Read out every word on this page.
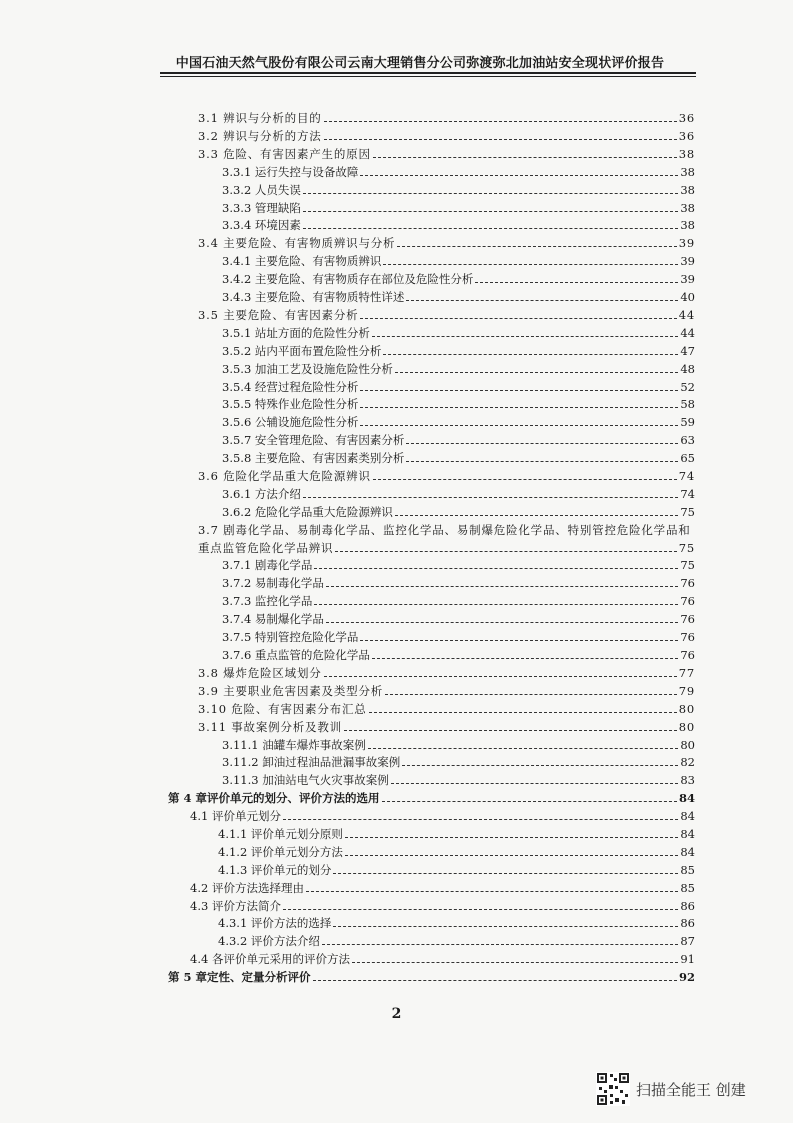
中国石油天然气股份有限公司云南大理销售分公司弥渡弥北加油站安全现状评价报告
3.1 辨识与分析的目的	36
3.2 辨识与分析的方法	36
3.3 危险、有害因素产生的原因	38
3.3.1 运行失控与设备故障	38
3.3.2 人员失误	38
3.3.3 管理缺陷	38
3.3.4 环境因素	38
3.4 主要危险、有害物质辨识与分析	39
3.4.1 主要危险、有害物质辨识	39
3.4.2 主要危险、有害物质存在部位及危险性分析	39
3.4.3 主要危险、有害物质特性详述	40
3.5 主要危险、有害因素分析	44
3.5.1 站址方面的危险性分析	44
3.5.2 站内平面布置危险性分析	47
3.5.3 加油工艺及设施危险性分析	48
3.5.4 经营过程危险性分析	52
3.5.5 特殊作业危险性分析	58
3.5.6 公辅设施危险性分析	59
3.5.7 安全管理危险、有害因素分析	63
3.5.8 主要危险、有害因素类别分析	65
3.6 危险化学品重大危险源辨识	74
3.6.1 方法介绍	74
3.6.2 危险化学品重大危险源辨识	75
3.7 剧毒化学品、易制毒化学品、监控化学品、易制爆危险化学品、特别管控危险化学品和
重点监管危险化学品辨识	75
3.7.1 剧毒化学品	75
3.7.2 易制毒化学品	76
3.7.3 监控化学品	76
3.7.4 易制爆化学品	76
3.7.5 特别管控危险化学品	76
3.7.6 重点监管的危险化学品	76
3.8 爆炸危险区域划分	77
3.9 主要职业危害因素及类型分析	79
3.10 危险、有害因素分布汇总	80
3.11 事故案例分析及教训	80
3.11.1 油罐车爆炸事故案例	80
3.11.2 卸油过程油品泄漏事故案例	82
3.11.3 加油站电气火灾事故案例	83
第 4 章评价单元的划分、评价方法的选用	84
4.1 评价单元划分	84
4.1.1 评价单元划分原则	84
4.1.2 评价单元划分方法	84
4.1.3 评价单元的划分	85
4.2 评价方法选择理由	85
4.3 评价方法简介	86
4.3.1 评价方法的选择	86
4.3.2 评价方法介绍	87
4.4 各评价单元采用的评价方法	91
第 5 章定性、定量分析评价	92
2
扫描全能王 创建
